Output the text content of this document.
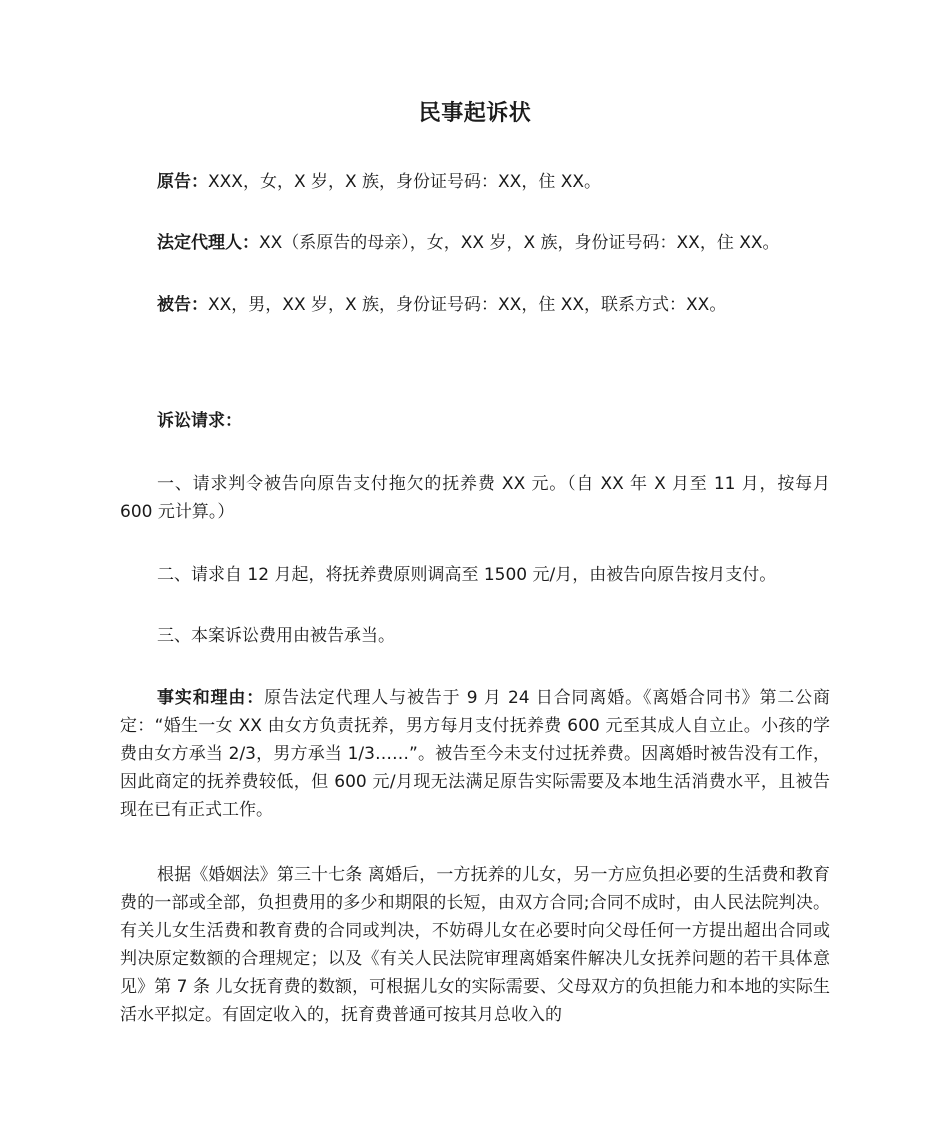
民事起诉状

原告：XXX，女，X 岁，X 族，身份证号码：XX，住 XX。

法定代理人：XX（系原告的母亲），女，XX 岁，X 族，身份证号码：XX，住 XX。

被告：XX，男，XX 岁，X 族，身份证号码：XX，住 XX，联系方式：XX。

诉讼请求：

一、请求判令被告向原告支付拖欠的抚养费 XX 元。（自 XX 年 X 月至 11 月，按每月 600 元计算。）

二、请求自 12 月起，将抚养费原则调高至 1500 元/月，由被告向原告按月支付。

三、本案诉讼费用由被告承当。

事实和理由：原告法定代理人与被告于 9 月 24 日合同离婚。《离婚合同书》第二公商定：“婚生一女 XX 由女方负责抚养，男方每月支付抚养费 600 元至其成人自立止。小孩的学费由女方承当 2/3，男方承当 1/3……”。被告至今未支付过抚养费。因离婚时被告没有工作，因此商定的抚养费较低，但 600 元/月现无法满足原告实际需要及本地生活消费水平，且被告现在已有正式工作。

根据《婚姻法》第三十七条 离婚后，一方抚养的儿女，另一方应负担必要的生活费和教育费的一部或全部，负担费用的多少和期限的长短，由双方合同;合同不成时，由人民法院判决。有关儿女生活费和教育费的合同或判决，不妨碍儿女在必要时向父母任何一方提出超出合同或判决原定数额的合理规定；以及《有关人民法院审理离婚案件解决儿女抚养问题的若干具体意见》第 7 条 儿女抚育费的数额，可根据儿女的实际需要、父母双方的负担能力和本地的实际生活水平拟定。有固定收入的，抚育费普通可按其月总收入的
